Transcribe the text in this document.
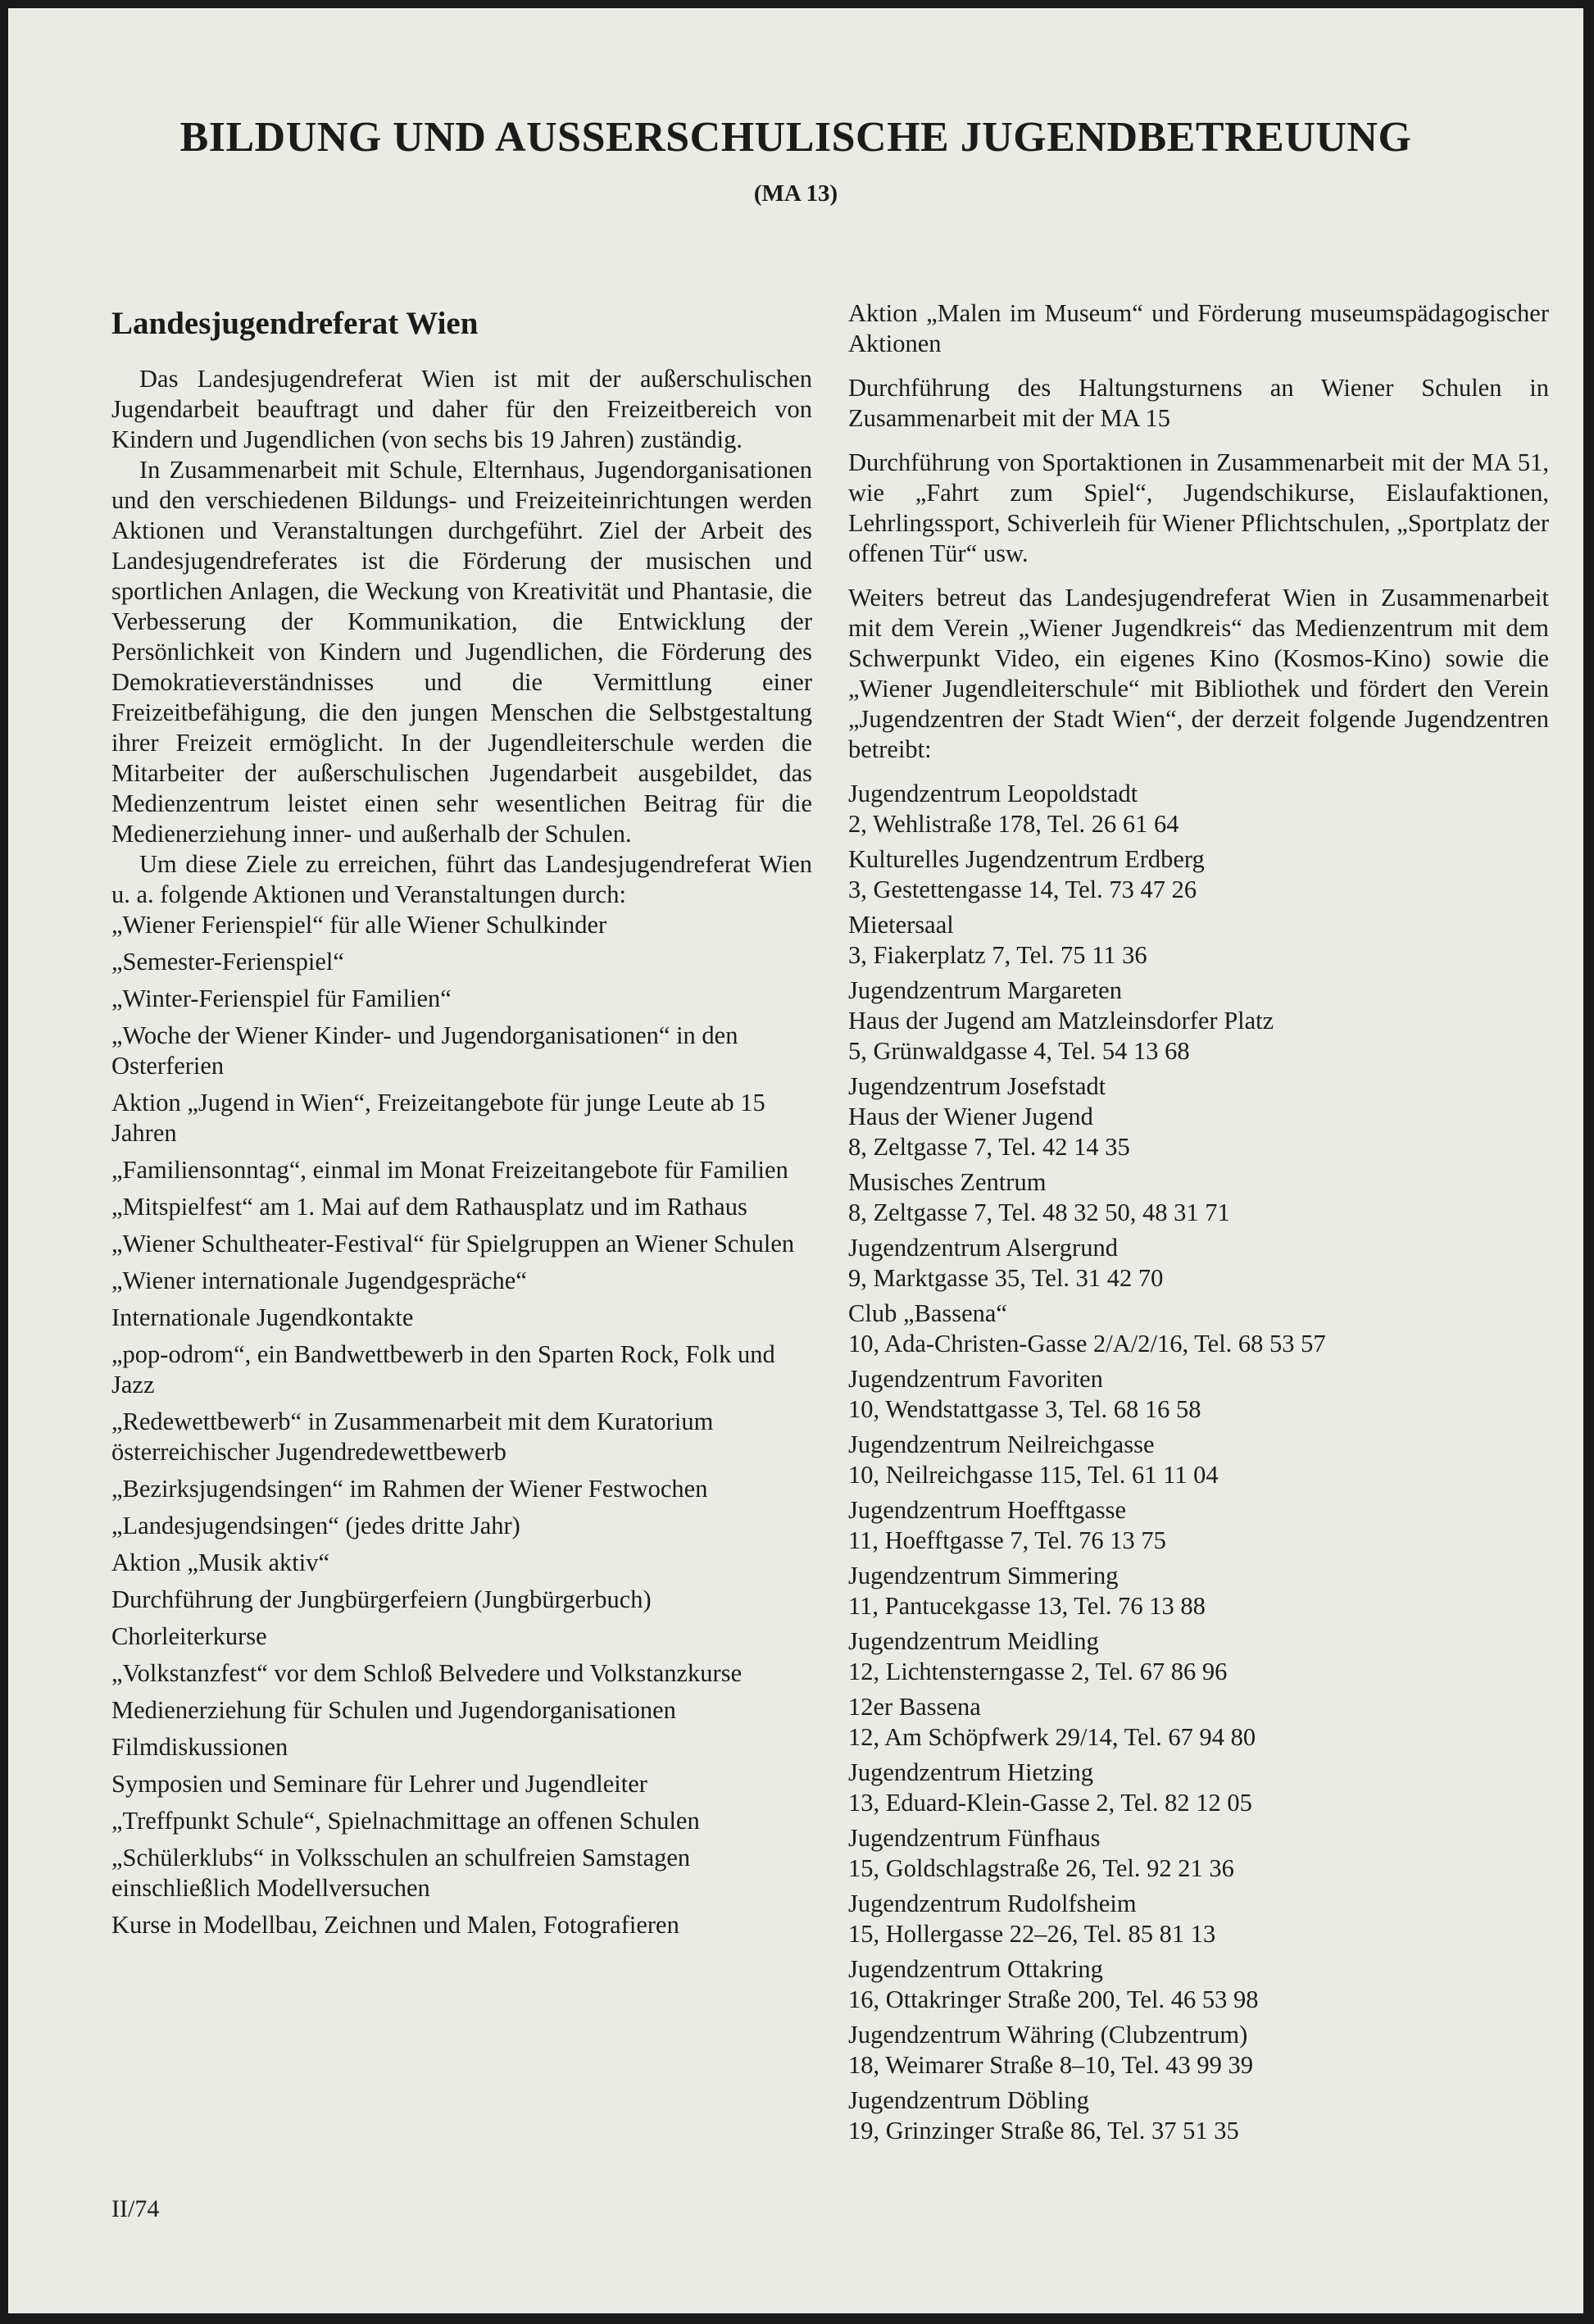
BILDUNG UND AUSSERSCHULISCHE JUGENDBETREUUNG
(MA 13)
Landesjugendreferat Wien

Das Landesjugendreferat Wien ist mit der außerschulischen Jugendarbeit beauftragt und daher für den Freizeitbereich von Kindern und Jugendlichen (von sechs bis 19 Jahren) zuständig.

In Zusammenarbeit mit Schule, Elternhaus, Jugendorganisationen und den verschiedenen Bildungs- und Freizeiteinrichtungen werden Aktionen und Veranstaltungen durchgeführt. Ziel der Arbeit des Landesjugendreferates ist die Förderung der musischen und sportlichen Anlagen, die Weckung von Kreativität und Phantasie, die Verbesserung der Kommunikation, die Entwicklung der Persönlichkeit von Kindern und Jugendlichen, die Förderung des Demokratieverständnisses und die Vermittlung einer Freizeitbefähigung, die den jungen Menschen die Selbstgestaltung ihrer Freizeit ermöglicht. In der Jugendleiterschule werden die Mitarbeiter der außerschulischen Jugendarbeit ausgebildet, das Medienzentrum leistet einen sehr wesentlichen Beitrag für die Medienerziehung inner- und außerhalb der Schulen.

Um diese Ziele zu erreichen, führt das Landesjugendreferat Wien u. a. folgende Aktionen und Veranstaltungen durch:

„Wiener Ferienspiel“ für alle Wiener Schulkinder

„Semester-Ferienspiel“

„Winter-Ferienspiel für Familien“

„Woche der Wiener Kinder- und Jugendorganisationen“ in den Osterferien

Aktion „Jugend in Wien“, Freizeitangebote für junge Leute ab 15 Jahren

„Familiensonntag“, einmal im Monat Freizeitangebote für Familien

„Mitspielfest“ am 1. Mai auf dem Rathausplatz und im Rathaus

„Wiener Schultheater-Festival“ für Spielgruppen an Wiener Schulen

„Wiener internationale Jugendgespräche“

Internationale Jugendkontakte

„pop-odrom“, ein Bandwettbewerb in den Sparten Rock, Folk und Jazz

„Redewettbewerb“ in Zusammenarbeit mit dem Kuratorium österreichischer Jugendredewettbewerb

„Bezirksjugendsingen“ im Rahmen der Wiener Festwochen

„Landesjugendsingen“ (jedes dritte Jahr)

Aktion „Musik aktiv“

Durchführung der Jungbürgerfeiern (Jungbürgerbuch)

Chorleiterkurse

„Volkstanzfest“ vor dem Schloß Belvedere und Volkstanzkurse

Medienerziehung für Schulen und Jugendorganisationen

Filmdiskussionen

Symposien und Seminare für Lehrer und Jugendleiter

„Treffpunkt Schule“, Spielnachmittage an offenen Schulen

„Schülerklubs“ in Volksschulen an schulfreien Samstagen einschließlich Modellversuchen

Kurse in Modellbau, Zeichnen und Malen, Fotografieren

Aktion „Malen im Museum“ und Förderung museumspädagogischer Aktionen

Durchführung des Haltungsturnens an Wiener Schulen in Zusammenarbeit mit der MA 15

Durchführung von Sportaktionen in Zusammenarbeit mit der MA 51, wie „Fahrt zum Spiel“, Jugendschikurse, Eislaufaktionen, Lehrlingssport, Schiverleih für Wiener Pflichtschulen, „Sportplatz der offenen Tür“ usw.

Weiters betreut das Landesjugendreferat Wien in Zusammenarbeit mit dem Verein „Wiener Jugendkreis“ das Medienzentrum mit dem Schwerpunkt Video, ein eigenes Kino (Kosmos-Kino) sowie die „Wiener Jugendleiterschule“ mit Bibliothek und fördert den Verein „Jugendzentren der Stadt Wien“, der derzeit folgende Jugendzentren betreibt:

Jugendzentrum Leopoldstadt
2, Wehlistraße 178, Tel. 26 61 64
Kulturelles Jugendzentrum Erdberg
3, Gestettengasse 14, Tel. 73 47 26
Mietersaal
3, Fiakerplatz 7, Tel. 75 11 36
Jugendzentrum Margareten
Haus der Jugend am Matzleinsdorfer Platz
5, Grünwaldgasse 4, Tel. 54 13 68
Jugendzentrum Josefstadt
Haus der Wiener Jugend
8, Zeltgasse 7, Tel. 42 14 35
Musisches Zentrum
8, Zeltgasse 7, Tel. 48 32 50, 48 31 71
Jugendzentrum Alsergrund
9, Marktgasse 35, Tel. 31 42 70
Club „Bassena“
10, Ada-Christen-Gasse 2/A/2/16, Tel. 68 53 57
Jugendzentrum Favoriten
10, Wendstattgasse 3, Tel. 68 16 58
Jugendzentrum Neilreichgasse
10, Neilreichgasse 115, Tel. 61 11 04
Jugendzentrum Hoefftgasse
11, Hoefftgasse 7, Tel. 76 13 75
Jugendzentrum Simmering
11, Pantucekgasse 13, Tel. 76 13 88
Jugendzentrum Meidling
12, Lichtensterngasse 2, Tel. 67 86 96
12er Bassena
12, Am Schöpfwerk 29/14, Tel. 67 94 80
Jugendzentrum Hietzing
13, Eduard-Klein-Gasse 2, Tel. 82 12 05
Jugendzentrum Fünfhaus
15, Goldschlagstraße 26, Tel. 92 21 36
Jugendzentrum Rudolfsheim
15, Hollergasse 22–26, Tel. 85 81 13
Jugendzentrum Ottakring
16, Ottakringer Straße 200, Tel. 46 53 98
Jugendzentrum Währing (Clubzentrum)
18, Weimarer Straße 8–10, Tel. 43 99 39
Jugendzentrum Döbling
19, Grinzinger Straße 86, Tel. 37 51 35
II/74
